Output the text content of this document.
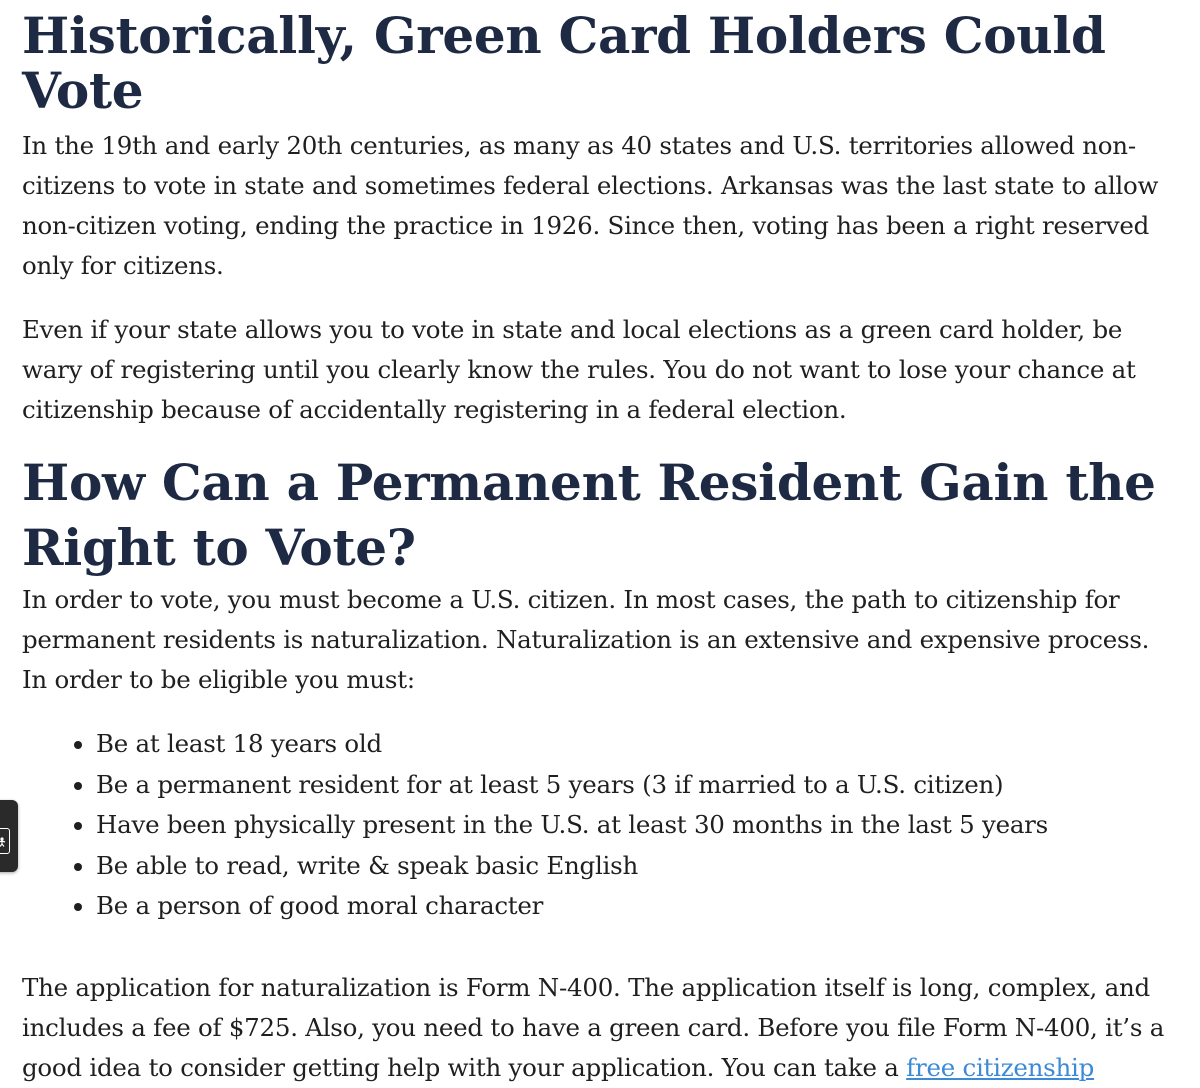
Historically, Green Card Holders Could Vote

In the 19th and early 20th centuries, as many as 40 states and U.S. territories allowed non-citizens to vote in state and sometimes federal elections. Arkansas was the last state to allow non-citizen voting, ending the practice in 1926. Since then, voting has been a right reserved only for citizens.

Even if your state allows you to vote in state and local elections as a green card holder, be wary of registering until you clearly know the rules. You do not want to lose your chance at citizenship because of accidentally registering in a federal election.

How Can a Permanent Resident Gain the Right to Vote?

In order to vote, you must become a U.S. citizen. In most cases, the path to citizenship for permanent residents is naturalization. Naturalization is an extensive and expensive process. In order to be eligible you must:

• Be at least 18 years old
• Be a permanent resident for at least 5 years (3 if married to a U.S. citizen)
• Have been physically present in the U.S. at least 30 months in the last 5 years
• Be able to read, write & speak basic English
• Be a person of good moral character

The application for naturalization is Form N-400. The application itself is long, complex, and includes a fee of $725. Also, you need to have a green card. Before you file Form N-400, it’s a good idea to consider getting help with your application. You can take a free citizenship
